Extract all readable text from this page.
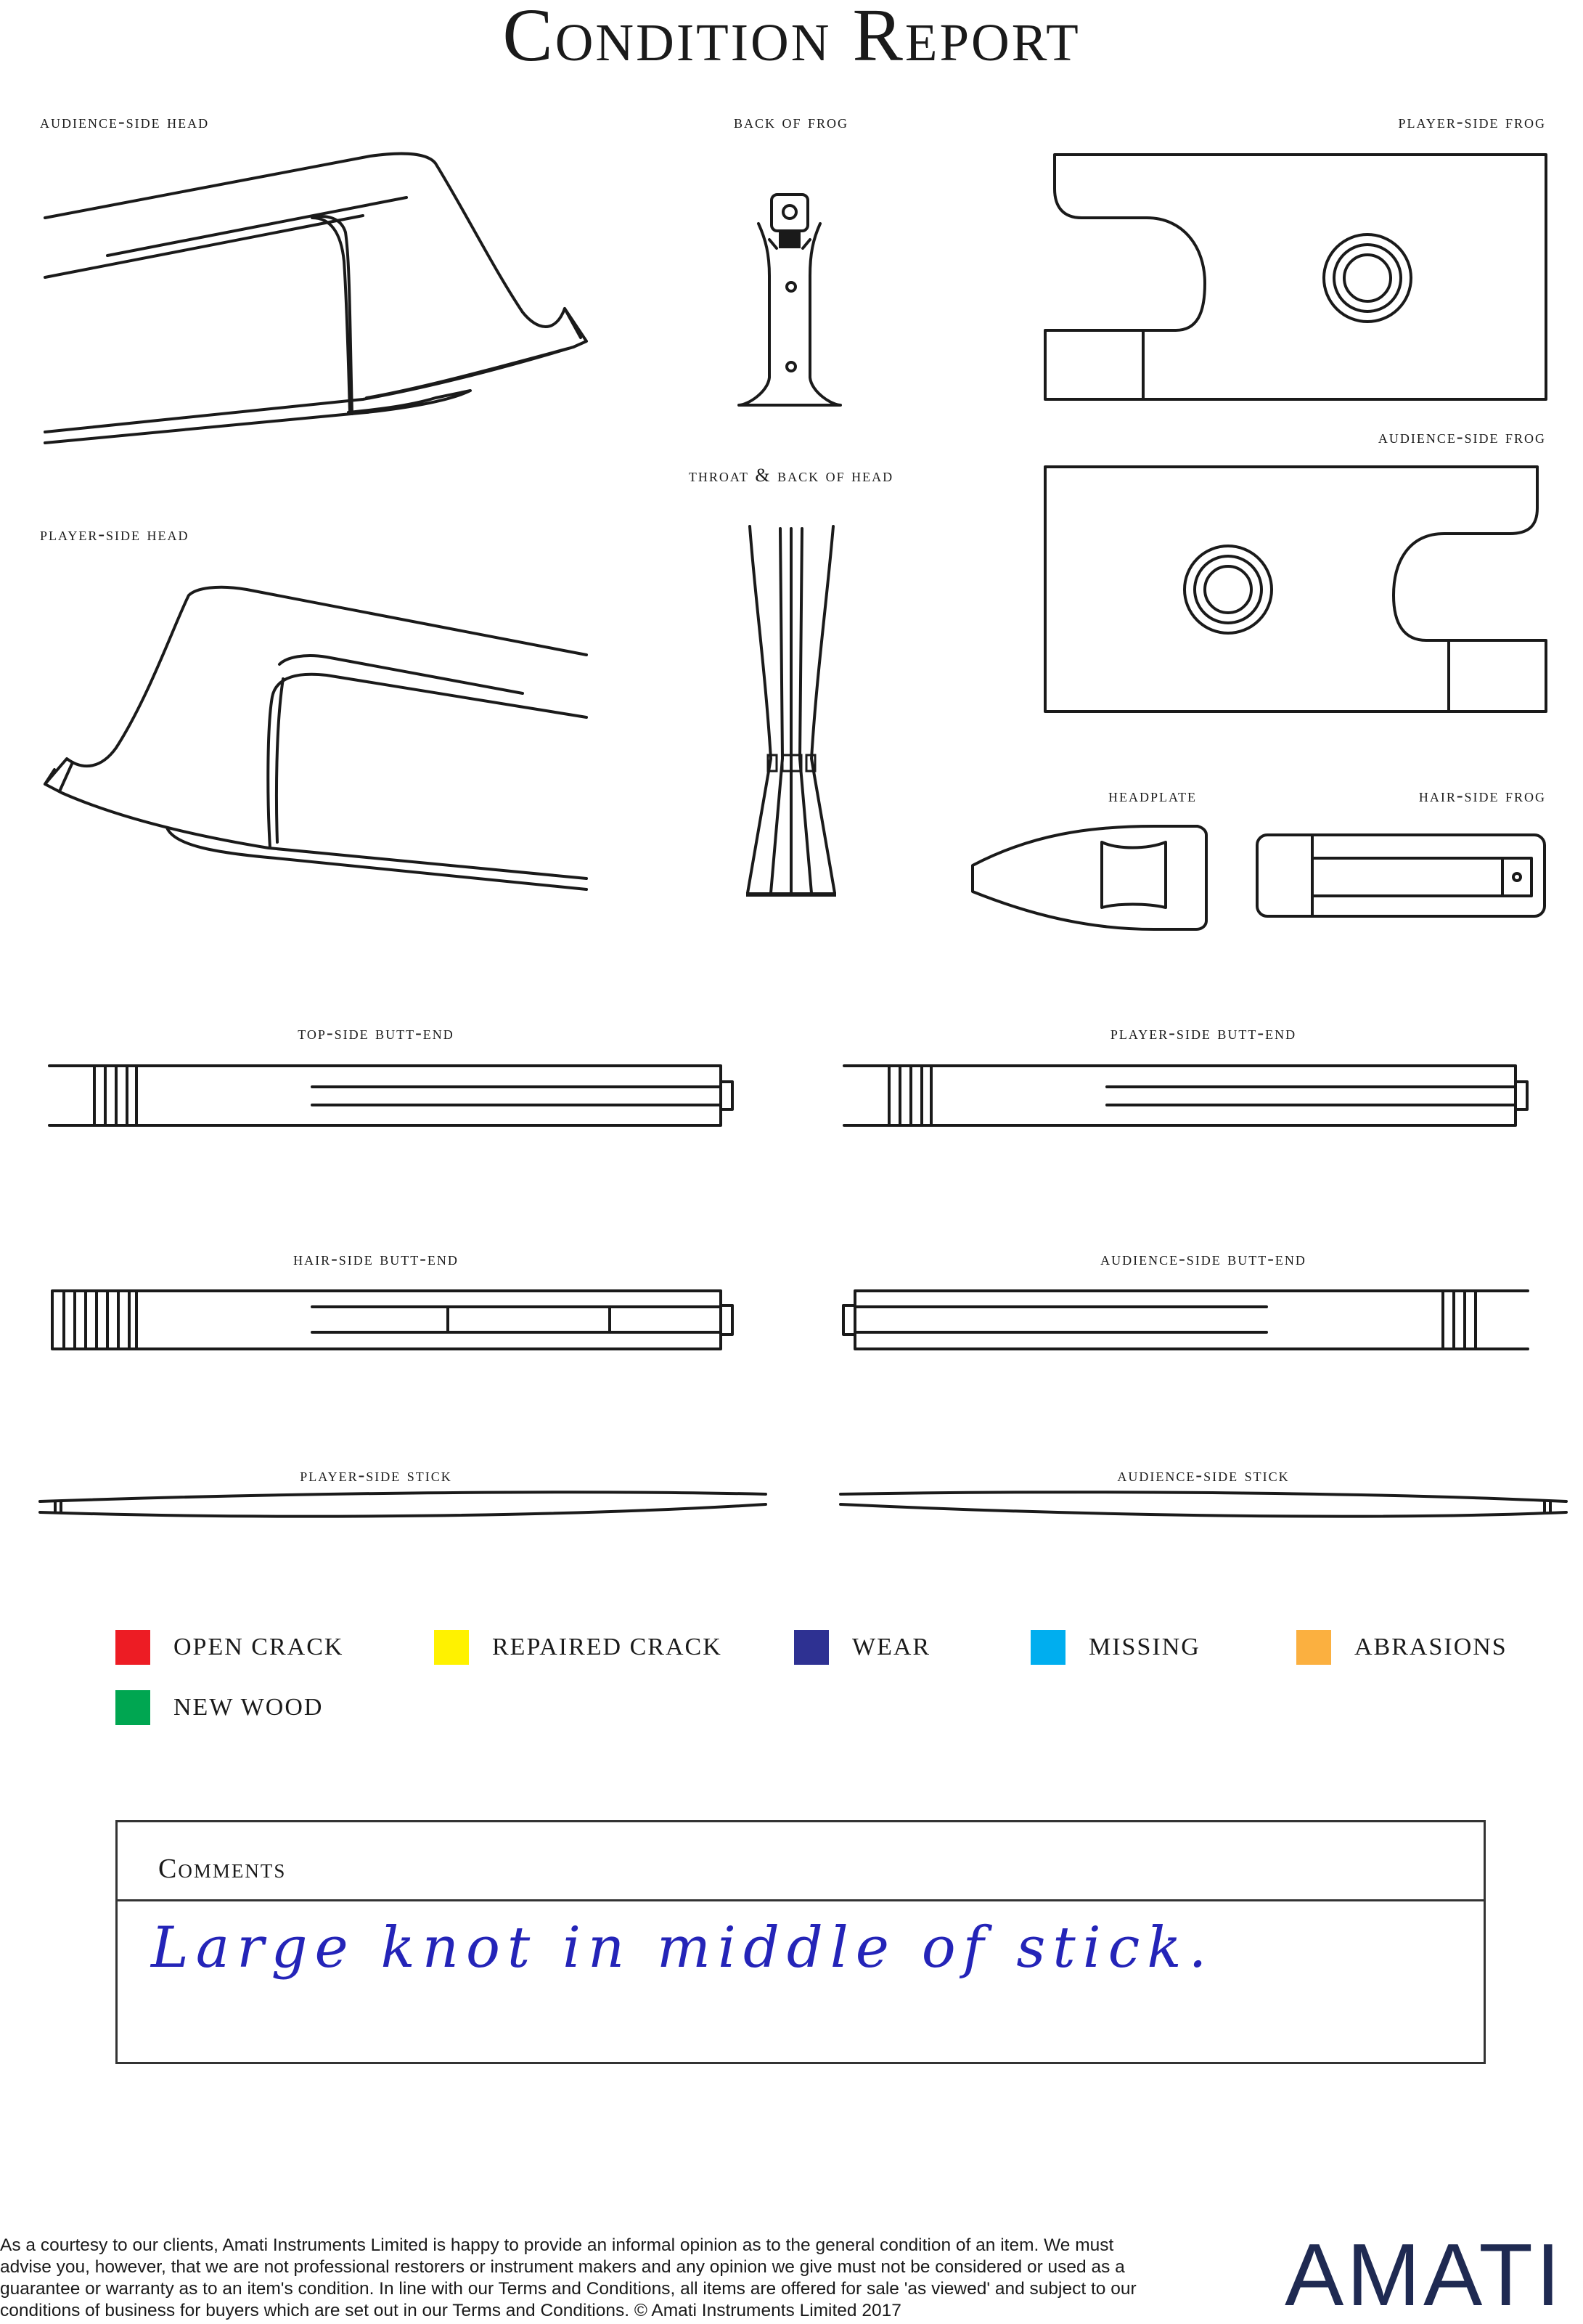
Condition Report
audience-side head	back of frog	player-side frog
throat & back of head
audience-side frog
player-side head
headplate	hair-side frog
top-side butt-end	player-side butt-end
hair-side butt-end	audience-side butt-end
player-side stick	audience-side stick
OPEN CRACK	REPAIRED CRACK	WEAR	MISSING	ABRASIONS
NEW WOOD
Comments
Large knot in middle of stick.
As a courtesy to our clients, Amati Instruments Limited is happy to provide an informal opinion as to the general condition of an item. We must advise you, however, that we are not professional restorers or instrument makers and any opinion we give must not be considered or used as a guarantee or warranty as to an item's condition. In line with our Terms and Conditions, all items are offered for sale 'as viewed' and subject to our conditions of business for buyers which are set out in our Terms and Conditions. © Amati Instruments Limited 2017	AMATI
